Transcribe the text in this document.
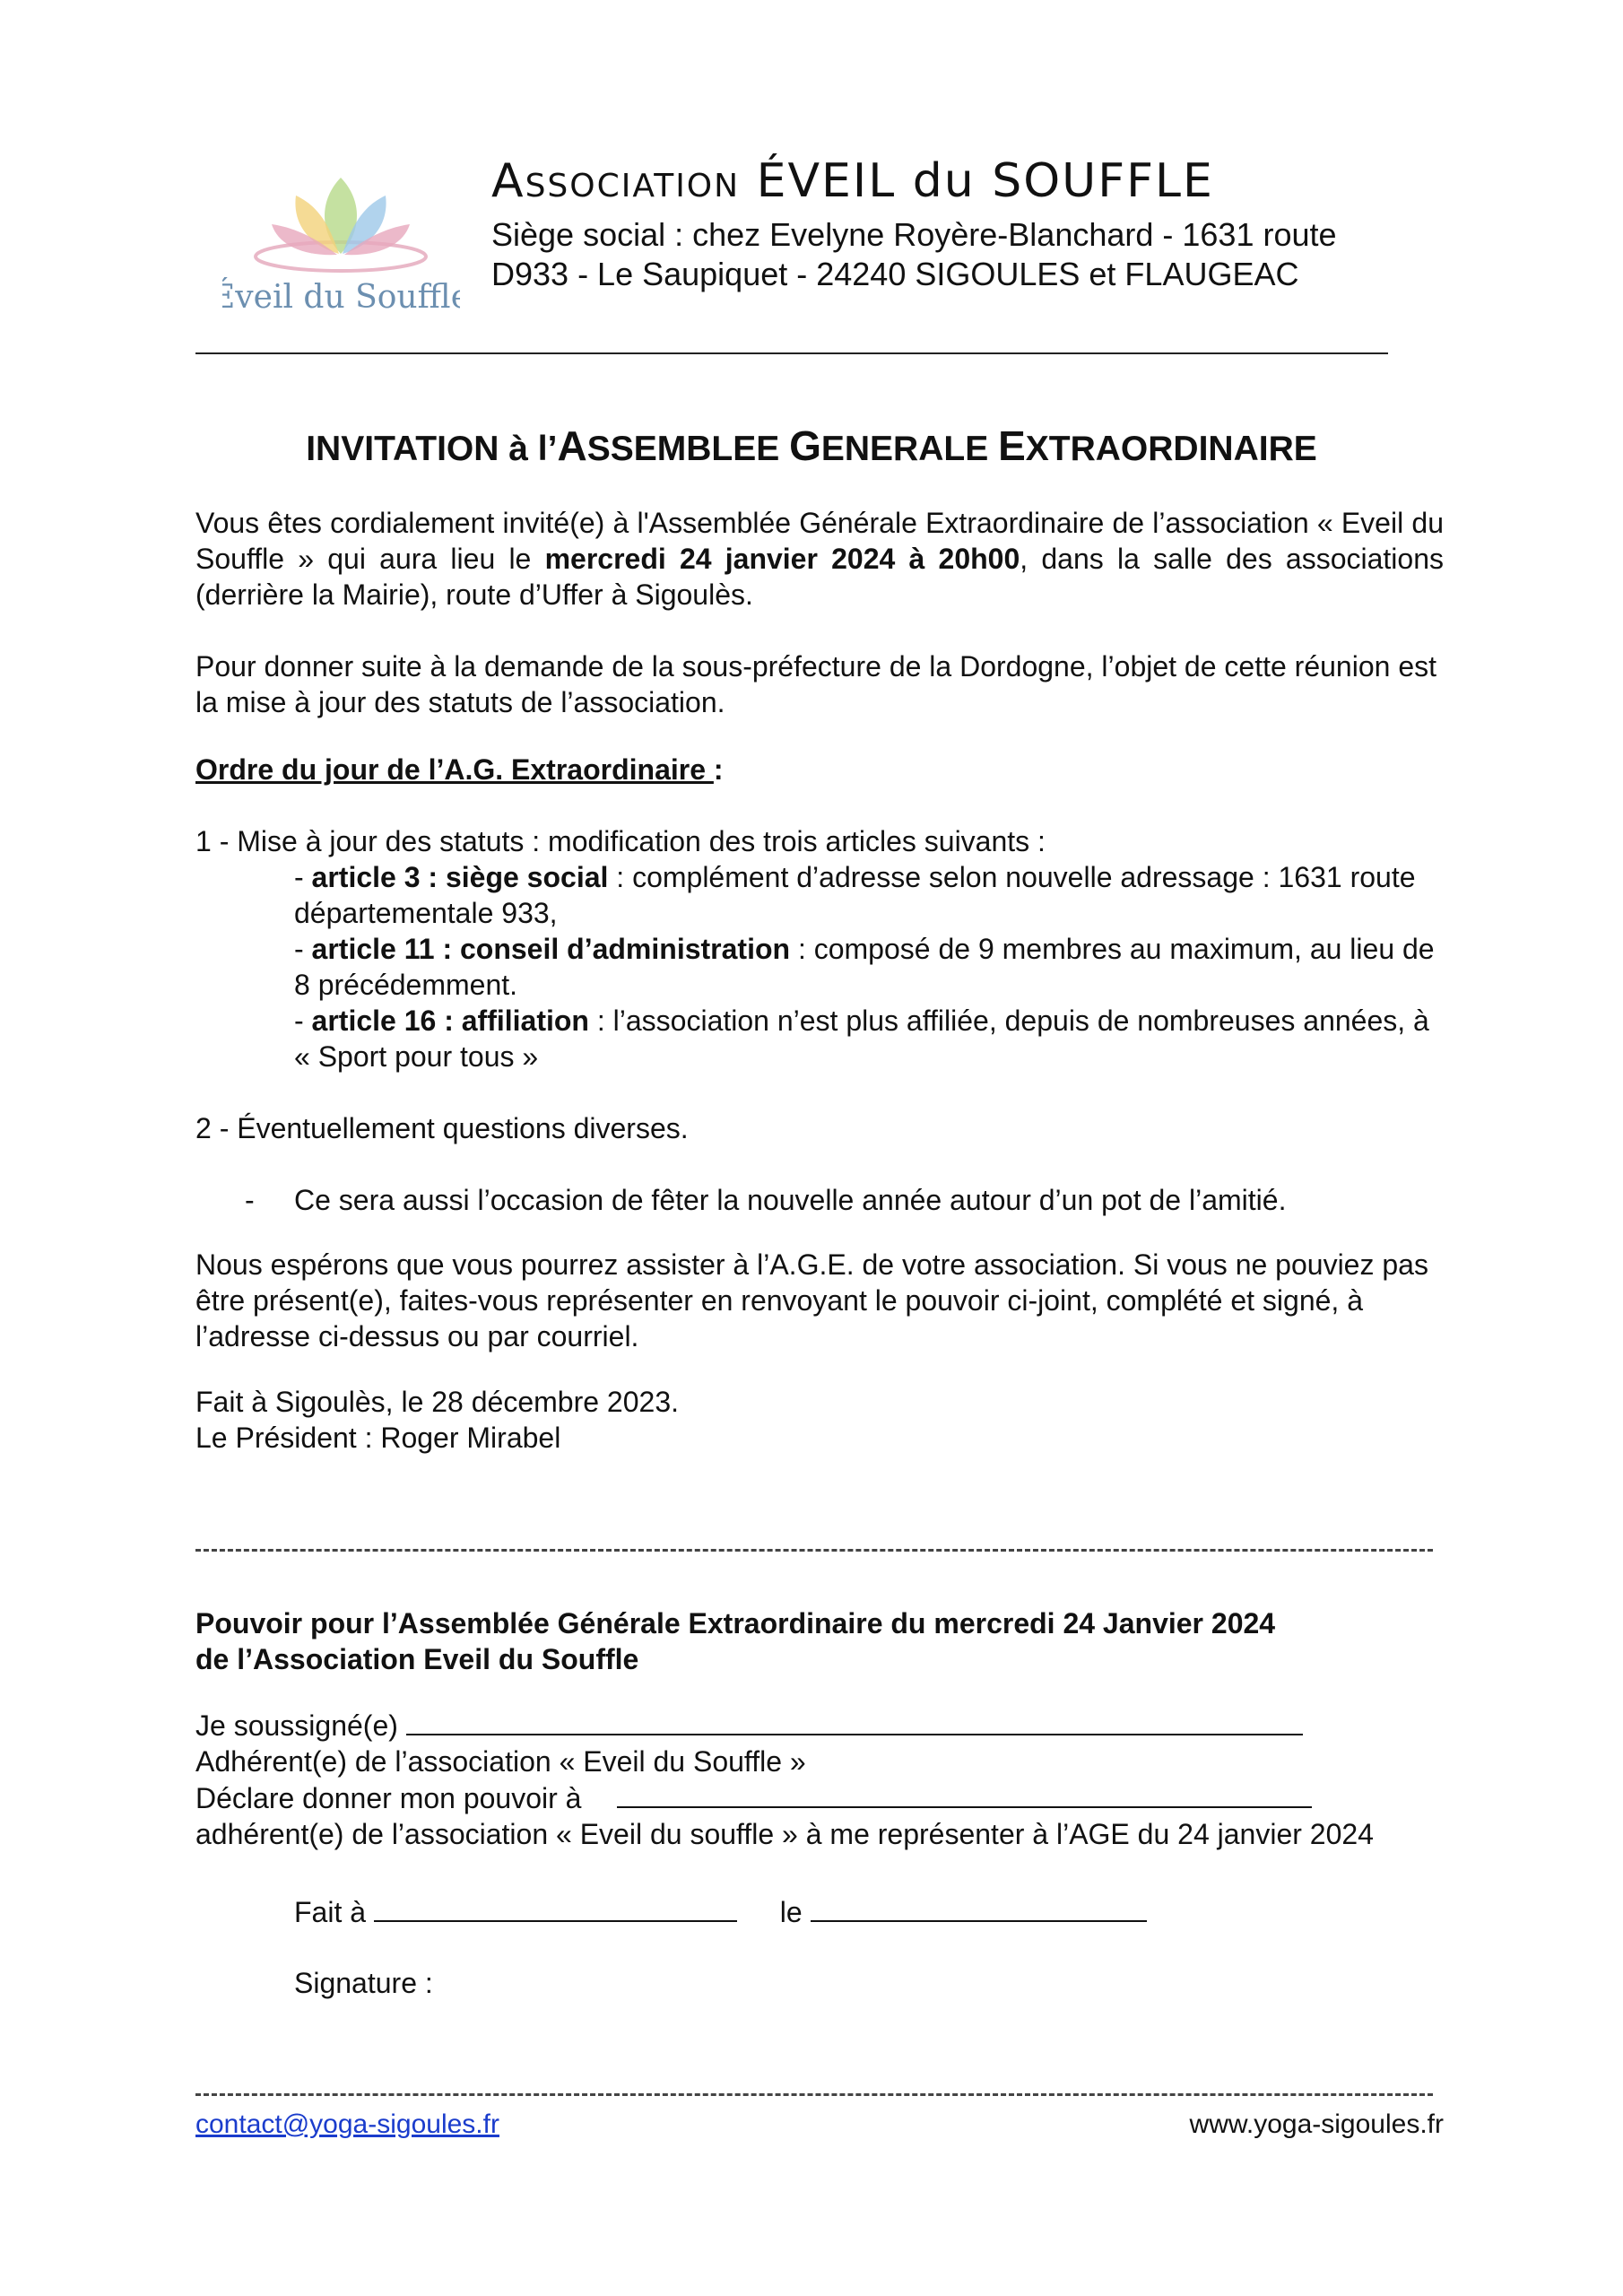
Éveil du Souffle
Association ÉVEIL du SOUFFLE
Siège social : chez Evelyne Royère-Blanchard - 1631 route
D933 - Le Saupiquet - 24240 SIGOULES et FLAUGEAC
INVITATION à l’ASSEMBLEE GENERALE EXTRAORDINAIRE
Vous êtes cordialement invité(e) à l'Assemblée Générale Extraordinaire de l’association « Eveil du Souffle » qui aura lieu le mercredi 24 janvier 2024 à 20h00, dans la salle des associations (derrière la Mairie), route d’Uffer à Sigoulès.
Pour donner suite à la demande de la sous-préfecture de la Dordogne, l’objet de cette réunion est la mise à jour des statuts de l’association.
Ordre du jour de l’A.G. Extraordinaire :
1 - Mise à jour des statuts : modification des trois articles suivants :
- article 3 : siège social : complément d’adresse selon nouvelle adressage : 1631 route départementale 933,
- article 11 : conseil d’administration : composé de 9 membres au maximum, au lieu de 8 précédemment.
- article 16 : affiliation : l’association n’est plus affiliée, depuis de nombreuses années, à « Sport pour tous »
2 - Éventuellement questions diverses.
-	Ce sera aussi l’occasion de fêter la nouvelle année autour d’un pot de l’amitié.
Nous espérons que vous pourrez assister à l’A.G.E. de votre association. Si vous ne pouviez pas être présent(e), faites-vous représenter en renvoyant le pouvoir ci-joint, complété et signé, à l’adresse ci-dessus ou par courriel.
Fait à Sigoulès, le 28 décembre 2023.
Le Président : Roger Mirabel
Pouvoir pour l’Assemblée Générale Extraordinaire du mercredi 24 Janvier 2024
de l’Association Eveil du Souffle
Je soussigné(e)
Adhérent(e) de l’association « Eveil du Souffle »
Déclare donner mon pouvoir à
adhérent(e) de l’association « Eveil du souffle » à me représenter à l’AGE du 24 janvier 2024
Fait à	le
Signature :
contact@yoga-sigoules.fr	www.yoga-sigoules.fr
